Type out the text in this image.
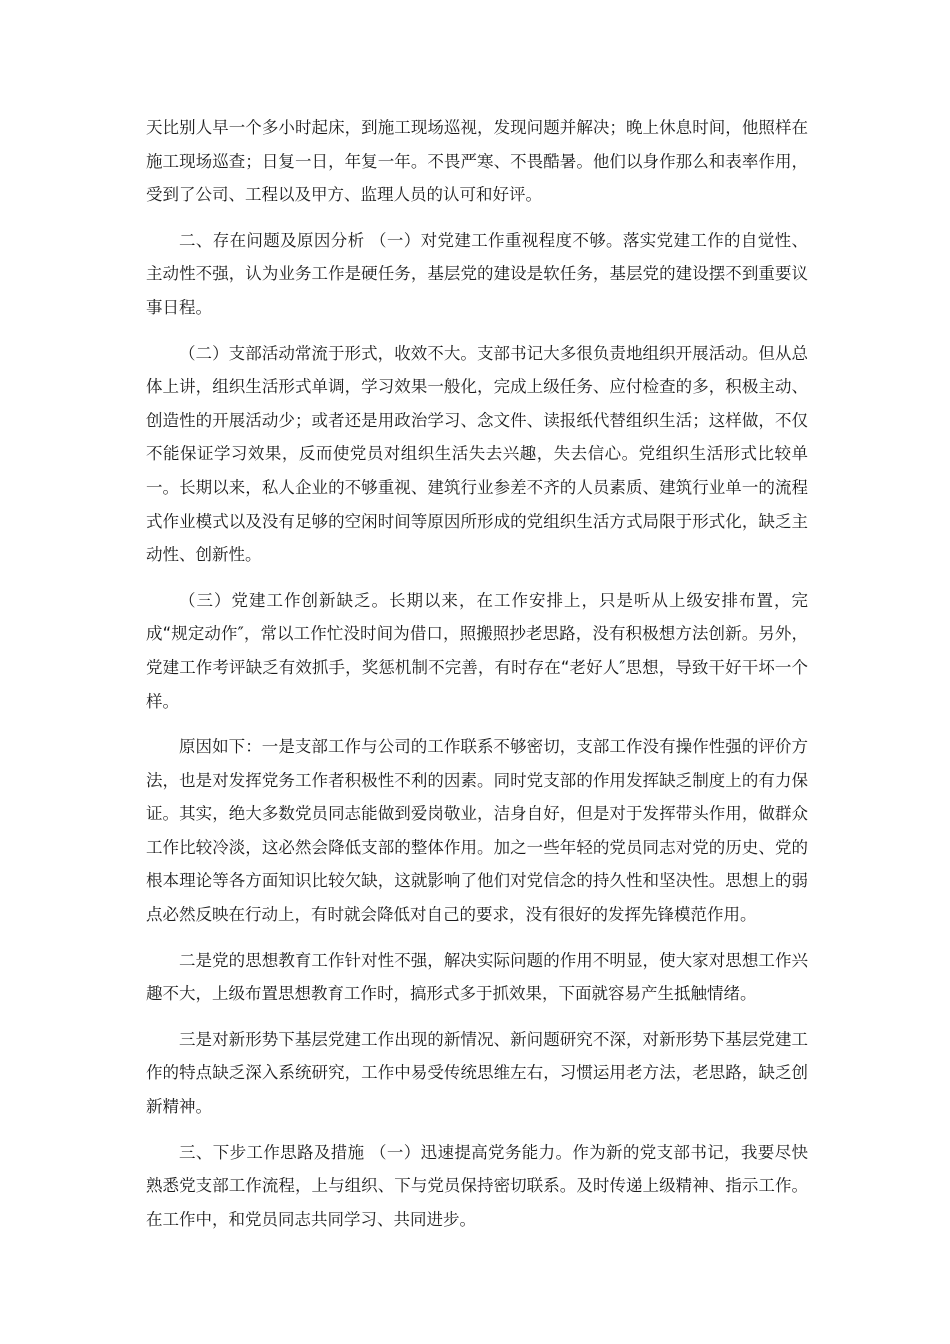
天比别人早一个多小时起床，到施工现场巡视，发现问题并解决；晚上休息时间，他照样在施工现场巡查；日复一日，年复一年。不畏严寒、不畏酷暑。他们以身作那么和表率作用，受到了公司、工程以及甲方、监理人员的认可和好评。

二、存在问题及原因分析 （一）对党建工作重视程度不够。落实党建工作的自觉性、主动性不强，认为业务工作是硬任务，基层党的建设是软任务，基层党的建设摆不到重要议事日程。

（二）支部活动常流于形式，收效不大。支部书记大多很负责地组织开展活动。但从总体上讲，组织生活形式单调，学习效果一般化，完成上级任务、应付检查的多，积极主动、创造性的开展活动少；或者还是用政治学习、念文件、读报纸代替组织生活；这样做，不仅不能保证学习效果，反而使党员对组织生活失去兴趣，失去信心。党组织生活形式比较单一。长期以来，私人企业的不够重视、建筑行业参差不齐的人员素质、建筑行业单一的流程式作业模式以及没有足够的空闲时间等原因所形成的党组织生活方式局限于形式化，缺乏主动性、创新性。

（三）党建工作创新缺乏。长期以来，在工作安排上，只是听从上级安排布置，完成“规定动作″，常以工作忙没时间为借口，照搬照抄老思路，没有积极想方法创新。另外，党建工作考评缺乏有效抓手，奖惩机制不完善，有时存在“老好人″思想，导致干好干坏一个样。

原因如下：一是支部工作与公司的工作联系不够密切，支部工作没有操作性强的评价方法，也是对发挥党务工作者积极性不利的因素。同时党支部的作用发挥缺乏制度上的有力保证。其实，绝大多数党员同志能做到爱岗敬业，洁身自好，但是对于发挥带头作用，做群众工作比较冷淡，这必然会降低支部的整体作用。加之一些年轻的党员同志对党的历史、党的根本理论等各方面知识比较欠缺，这就影响了他们对党信念的持久性和坚决性。思想上的弱点必然反映在行动上，有时就会降低对自己的要求，没有很好的发挥先锋模范作用。

二是党的思想教育工作针对性不强，解决实际问题的作用不明显，使大家对思想工作兴趣不大，上级布置思想教育工作时，搞形式多于抓效果，下面就容易产生抵触情绪。

三是对新形势下基层党建工作出现的新情况、新问题研究不深，对新形势下基层党建工作的特点缺乏深入系统研究，工作中易受传统思维左右，习惯运用老方法，老思路，缺乏创新精神。

三、下步工作思路及措施 （一）迅速提高党务能力。作为新的党支部书记，我要尽快熟悉党支部工作流程，上与组织、下与党员保持密切联系。及时传递上级精神、指示工作。在工作中，和党员同志共同学习、共同进步。
